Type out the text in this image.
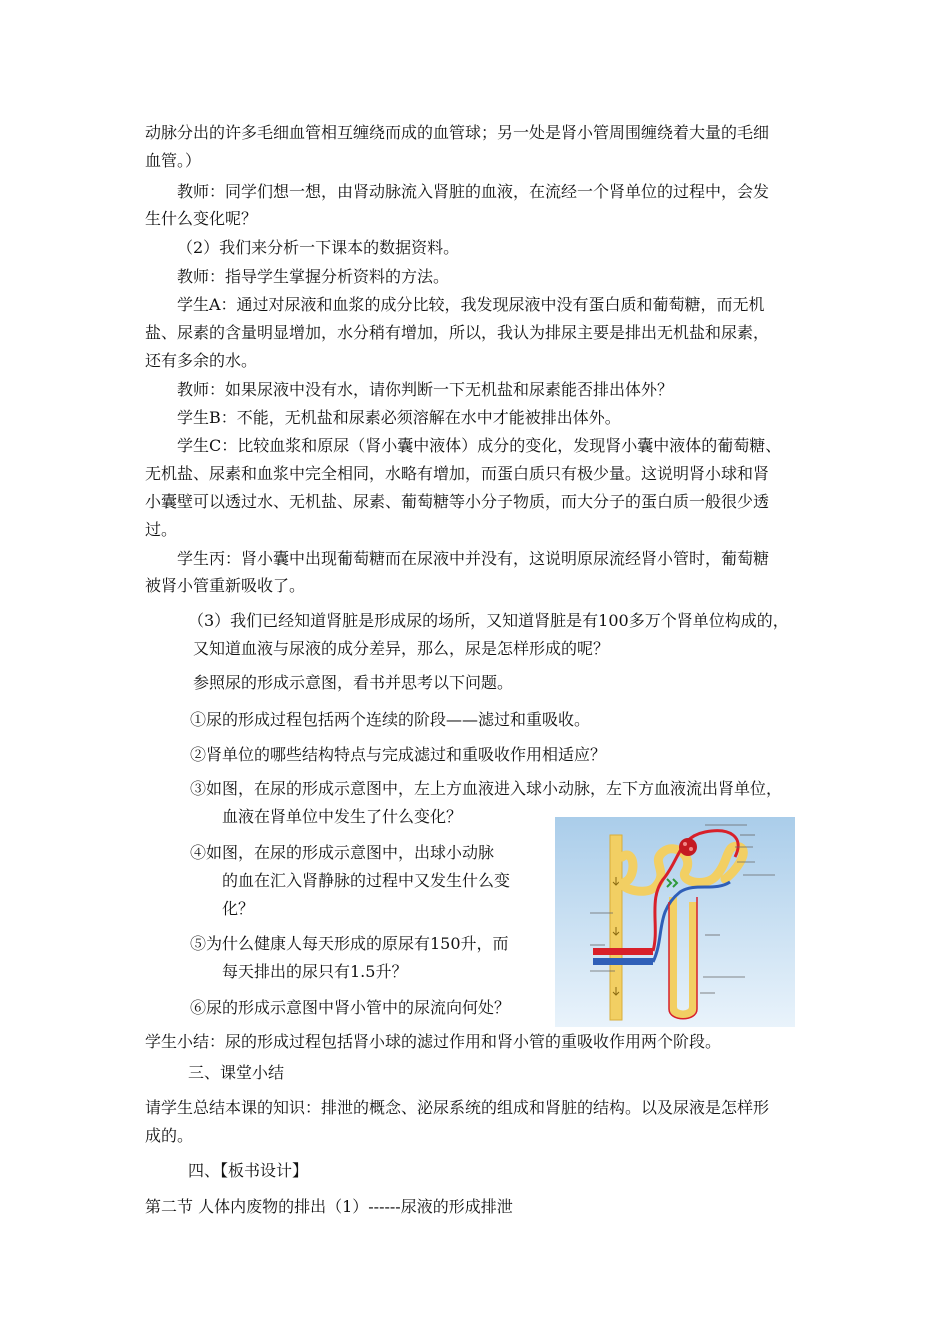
动脉分出的许多毛细血管相互缠绕而成的血管球；另一处是肾小管周围缠绕着大量的毛细
血管。）
教师：同学们想一想，由肾动脉流入肾脏的血液，在流经一个肾单位的过程中，会发
生什么变化呢？
（2）我们来分析一下课本的数据资料。
教师：指导学生掌握分析资料的方法。
学生A：通过对尿液和血浆的成分比较，我发现尿液中没有蛋白质和葡萄糖，而无机
盐、尿素的含量明显增加，水分稍有增加，所以，我认为排尿主要是排出无机盐和尿素，
还有多余的水。
教师：如果尿液中没有水，请你判断一下无机盐和尿素能否排出体外？
学生B：不能，无机盐和尿素必须溶解在水中才能被排出体外。
学生C：比较血浆和原尿（肾小囊中液体）成分的变化，发现肾小囊中液体的葡萄糖、
无机盐、尿素和血浆中完全相同，水略有增加，而蛋白质只有极少量。这说明肾小球和肾
小囊壁可以透过水、无机盐、尿素、葡萄糖等小分子物质，而大分子的蛋白质一般很少透
过。
学生丙：肾小囊中出现葡萄糖而在尿液中并没有，这说明原尿流经肾小管时，葡萄糖
被肾小管重新吸收了。
（3）我们已经知道肾脏是形成尿的场所，又知道肾脏是有100多万个肾单位构成的，
又知道血液与尿液的成分差异，那么，尿是怎样形成的呢？
参照尿的形成示意图，看书并思考以下问题。
①尿的形成过程包括两个连续的阶段——滤过和重吸收。
②肾单位的哪些结构特点与完成滤过和重吸收作用相适应？
③如图，在尿的形成示意图中，左上方血液进入球小动脉，左下方血液流出肾单位，
血液在肾单位中发生了什么变化？
④如图，在尿的形成示意图中，出球小动脉
的血在汇入肾静脉的过程中又发生什么变
化？
⑤为什么健康人每天形成的原尿有150升，而
每天排出的尿只有1.5升？
⑥尿的形成示意图中肾小管中的尿流向何处？
学生小结：尿的形成过程包括肾小球的滤过作用和肾小管的重吸收作用两个阶段。
三、课堂小结
请学生总结本课的知识：排泄的概念、泌尿系统的组成和肾脏的结构。以及尿液是怎样形
成的。
四、【板书设计】
第二节 人体内废物的排出（1）------尿液的形成排泄
